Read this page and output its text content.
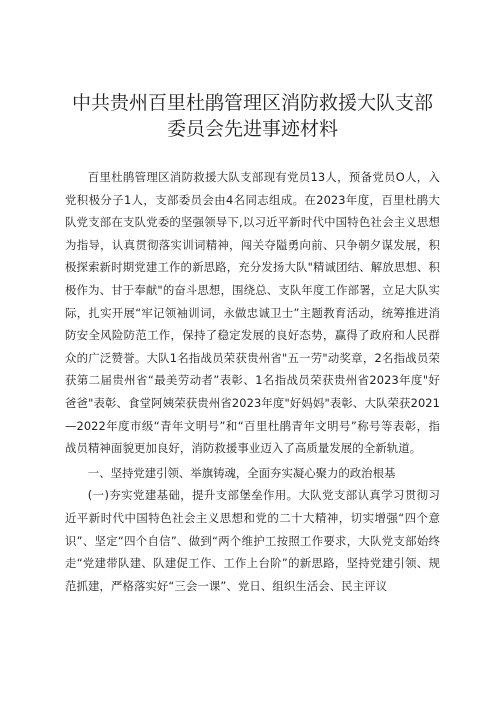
中共贵州百里杜鹃管理区消防救援大队支部
委员会先进事迹材料

百里杜鹃管理区消防救援大队支部现有党员13人，预备党员O人，入党积极分子1人，支部委员会由4名同志组成。在2023年度，百里杜鹃大队党支部在支队党委的坚强领导下,以习近平新时代中国特色社会主义思想为指导，认真贯彻落实训词精神，闯关夺隘勇向前、只争朝夕谋发展，积极探索新时期党建工作的新思路，充分发扬大队"精诚团结、解放思想、积极作为、甘于奉献"的奋斗思想，围绕总、支队年度工作部署，立足大队实际，扎实开展“牢记领袖训词，永做忠诚卫士”主题教育活动，统筹推进消防安全风险防范工作，保持了稳定发展的良好态势，赢得了政府和人民群众的广泛赞誉。大队1名指战员荣获贵州省"五一劳"动奖章，2名指战员荣获第二届贵州省“最美劳动者”表彰、1名指战员荣获贵州省2023年度"好爸爸"表彰、食堂阿姨荣获贵州省2023年度"好妈妈"表彰、大队荣获2021—2022年度市级“青年文明号”和“百里杜鹃青年文明号”称号等表彰，指战员精神面貌更加良好，消防救援事业迈入了高质量发展的全新轨道。

一、坚持党建引领、举旗铸魂，全面夯实凝心聚力的政治根基

(一)夯实党建基础，提升支部堡垒作用。大队党支部认真学习贯彻习近平新时代中国特色社会主义思想和党的二十大精神，切实增强“四个意识”、坚定“四个自信”、做到“两个维护工按照工作要求，大队党支部始终走“党建带队建、队建促工作、工作上台阶”的新思路，坚持党建引领、规范抓建，严格落实好“三会一课”、党日、组织生活会、民主评议
